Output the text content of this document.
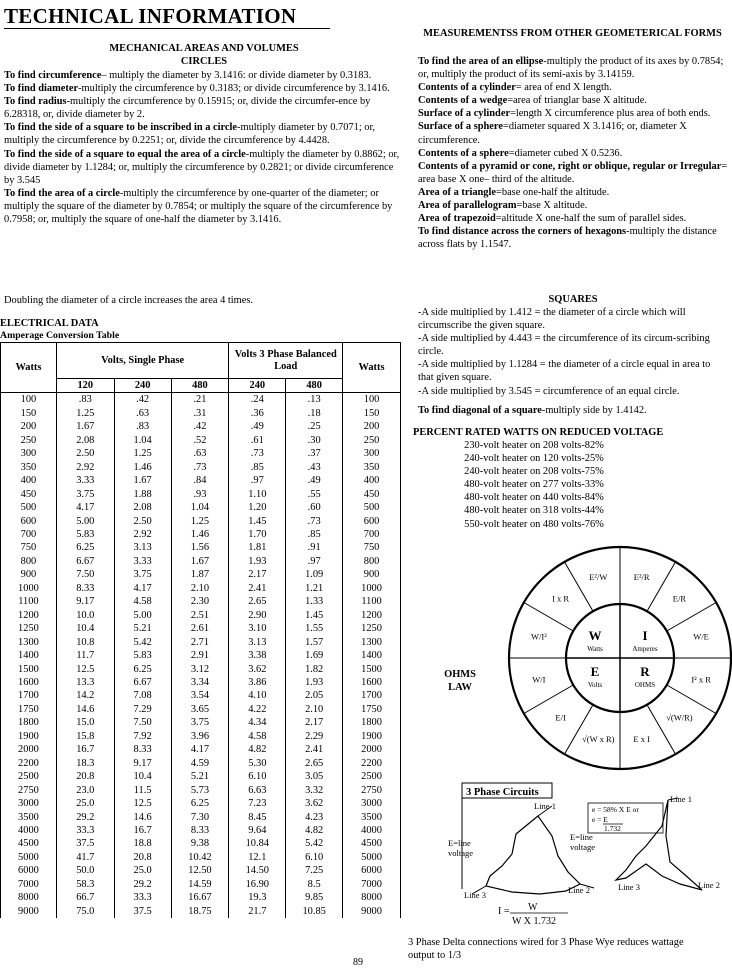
TECHNICAL INFORMATION
MECHANICAL AREAS AND VOLUMES
CIRCLES

To find circumference– multiply the diameter by 3.1416: or divide diameter by 0.3183.

To find diameter-multiply the circumference by 0.3183; or divide circumference by 3.1416.

To find radius-multiply the circumference by 0.15915; or, divide the circumfer-ence by 6.28318, or, divide diameter by 2.

To find the side of a square to be inscribed in a circle-multiply diameter by 0.7071; or, multiply the circumference by 0.2251; or, divide the circumference by 4.4428.

To find the side of a square to equal the area of a circle-multiply the diameter by 0.8862; or, divide diameter by 1.1284; or, multiply the circumference by 0.2821; or divide circumference by 3.545

To find the area of a circle-multiply the circumference by one-quarter of the diameter; or multiply the square of the diameter by 0.7854; or multiply the square of the circumference by 0.7958; or, multiply the square of one-half the diameter by 3.1416.

Doubling the diameter of a circle increases the area 4 times.
ELECTRICAL DATA
Amperage Conversion Table
Watts	Volts, Single Phase			Volts 3 Phase Balanced Load		Watts
	120	240	480	240	480	
100	.83	.42	.21	.24	.13	100
150	1.25	.63	.31	.36	.18	150
200	1.67	.83	.42	.49	.25	200
250	2.08	1.04	.52	.61	.30	250
300	2.50	1.25	.63	.73	.37	300
350	2.92	1.46	.73	.85	.43	350
400	3.33	1.67	.84	.97	.49	400
450	3.75	1.88	.93	1.10	.55	450
500	4.17	2.08	1.04	1.20	.60	500
600	5.00	2.50	1.25	1.45	.73	600
700	5.83	2.92	1.46	1.70	.85	700
750	6.25	3.13	1.56	1.81	.91	750
800	6.67	3.33	1.67	1.93	.97	800
900	7.50	3.75	1.87	2.17	1.09	900
1000	8.33	4.17	2.10	2.41	1.21	1000
1100	9.17	4.58	2.30	2.65	1.33	1100
1200	10.0	5.00	2.51	2.90	1.45	1200
1250	10.4	5.21	2.61	3.10	1.55	1250
1300	10.8	5.42	2.71	3.13	1.57	1300
1400	11.7	5.83	2.91	3.38	1.69	1400
1500	12.5	6.25	3.12	3.62	1.82	1500
1600	13.3	6.67	3.34	3.86	1.93	1600
1700	14.2	7.08	3.54	4.10	2.05	1700
1750	14.6	7.29	3.65	4.22	2.10	1750
1800	15.0	7.50	3.75	4.34	2.17	1800
1900	15.8	7.92	3.96	4.58	2.29	1900
2000	16.7	8.33	4.17	4.82	2.41	2000
2200	18.3	9.17	4.59	5.30	2.65	2200
2500	20.8	10.4	5.21	6.10	3.05	2500
2750	23.0	11.5	5.73	6.63	3.32	2750
3000	25.0	12.5	6.25	7.23	3.62	3000
3500	29.2	14.6	7.30	8.45	4.23	3500
4000	33.3	16.7	8.33	9.64	4.82	4000
4500	37.5	18.8	9.38	10.84	5.42	4500
5000	41.7	20.8	10.42	12.1	6.10	5000
6000	50.0	25.0	12.50	14.50	7.25	6000
7000	58.3	29.2	14.59	16.90	8.5	7000
8000	66.7	33.3	16.67	19.3	9.85	8000
9000	75.0	37.5	18.75	21.7	10.85	9000
89
MEASUREMENTSS FROM OTHER GEOMETERICAL FORMS

To find the area of an ellipse-multiply the product of its axes by 0.7854; or, multiply the product of its semi-axis by 3.14159.

Contents of a cylinder= area of end X length.

Contents of a wedge=area of trianglar base X altitude.

Surface of a cylinder=length X circumference plus area of both ends.

Surface of a sphere=diameter squared X 3.1416; or, diameter X circumference.

Contents of a sphere=diameter cubed X 0.5236.

Contents of a pyramid or cone, right or oblique, regular or Irregular= area base X one– third of the altitude.

Area of a triangle=base one-half the altitude.

Area of parallelogram=base X altitude.

Area of trapezoid=altitude X one-half the sum of parallel sides.

To find distance across the corners of hexagons-multiply the distance across flats by 1.1547.

SQUARES

-A side multiplied by 1.412 = the diameter of a circle which will circumscribe the given square.

-A side multiplied by 4.443 = the circumference of its circum-scribing circle.

-A side multiplied by 1.1284 = the diameter of a circle equal in area to that given square.

-A side multiplied by 3.545 = circumference of an equal circle.

To find diagonal of a square-multiply side by 1.4142.
PERCENT RATED WATTS ON REDUCED VOLTAGE

230-volt heater on 208 volts-82%

240-volt heater on 120 volts-25%

240-volt heater on 208 volts-75%

480-volt heater on 277 volts-33%

480-volt heater on 440 volts-84%

480-volt heater on 318 volts-44%

550-volt heater on 480 volts-76%

OHMS LAW
W
Watts
I
Amperes
E
Volts
R
OHMS
E²/R
E/R
W/E
I² x R
√(W/R)
E x I
√(W x R)
E/I
W/I
W/I²
I x R
E²/W
3 Phase Circuits
Line 1
Line 2
Line 3
E=line
voltage
Line 1
Line 2
Line 3
E=line
voltage
e = 58% X E or
e = E
1.732
I = W
W X 1.732
3 Phase Delta connections wired for 3 Phase Wye reduces wattage output to 1/3
